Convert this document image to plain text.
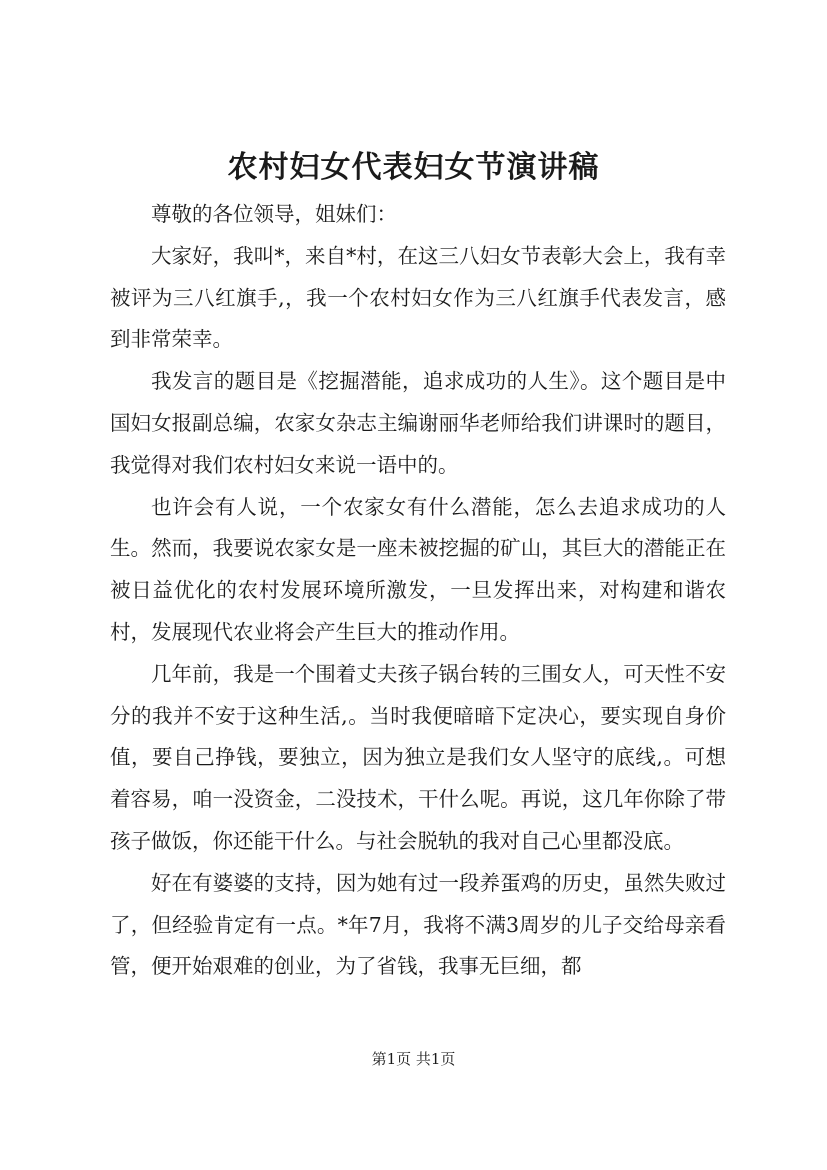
农村妇女代表妇女节演讲稿

尊敬的各位领导，姐妹们：

大家好，我叫*，来自*村，在这三八妇女节表彰大会上，我有幸被评为三八红旗手,，我一个农村妇女作为三八红旗手代表发言，感到非常荣幸。

我发言的题目是《挖掘潜能，追求成功的人生》。这个题目是中国妇女报副总编，农家女杂志主编谢丽华老师给我们讲课时的题目，我觉得对我们农村妇女来说一语中的。

也许会有人说，一个农家女有什么潜能，怎么去追求成功的人生。然而，我要说农家女是一座未被挖掘的矿山，其巨大的潜能正在被日益优化的农村发展环境所激发，一旦发挥出来，对构建和谐农村，发展现代农业将会产生巨大的推动作用。

几年前，我是一个围着丈夫孩子锅台转的三围女人，可天性不安分的我并不安于这种生活,。当时我便暗暗下定决心，要实现自身价值，要自己挣钱，要独立，因为独立是我们女人坚守的底线,。可想着容易，咱一没资金，二没技术，干什么呢。再说，这几年你除了带孩子做饭，你还能干什么。与社会脱轨的我对自己心里都没底。

好在有婆婆的支持，因为她有过一段养蛋鸡的历史，虽然失败过了，但经验肯定有一点。*年7月，我将不满3周岁的儿子交给母亲看管，便开始艰难的创业，为了省钱，我事无巨细，都

第1页 共1页
